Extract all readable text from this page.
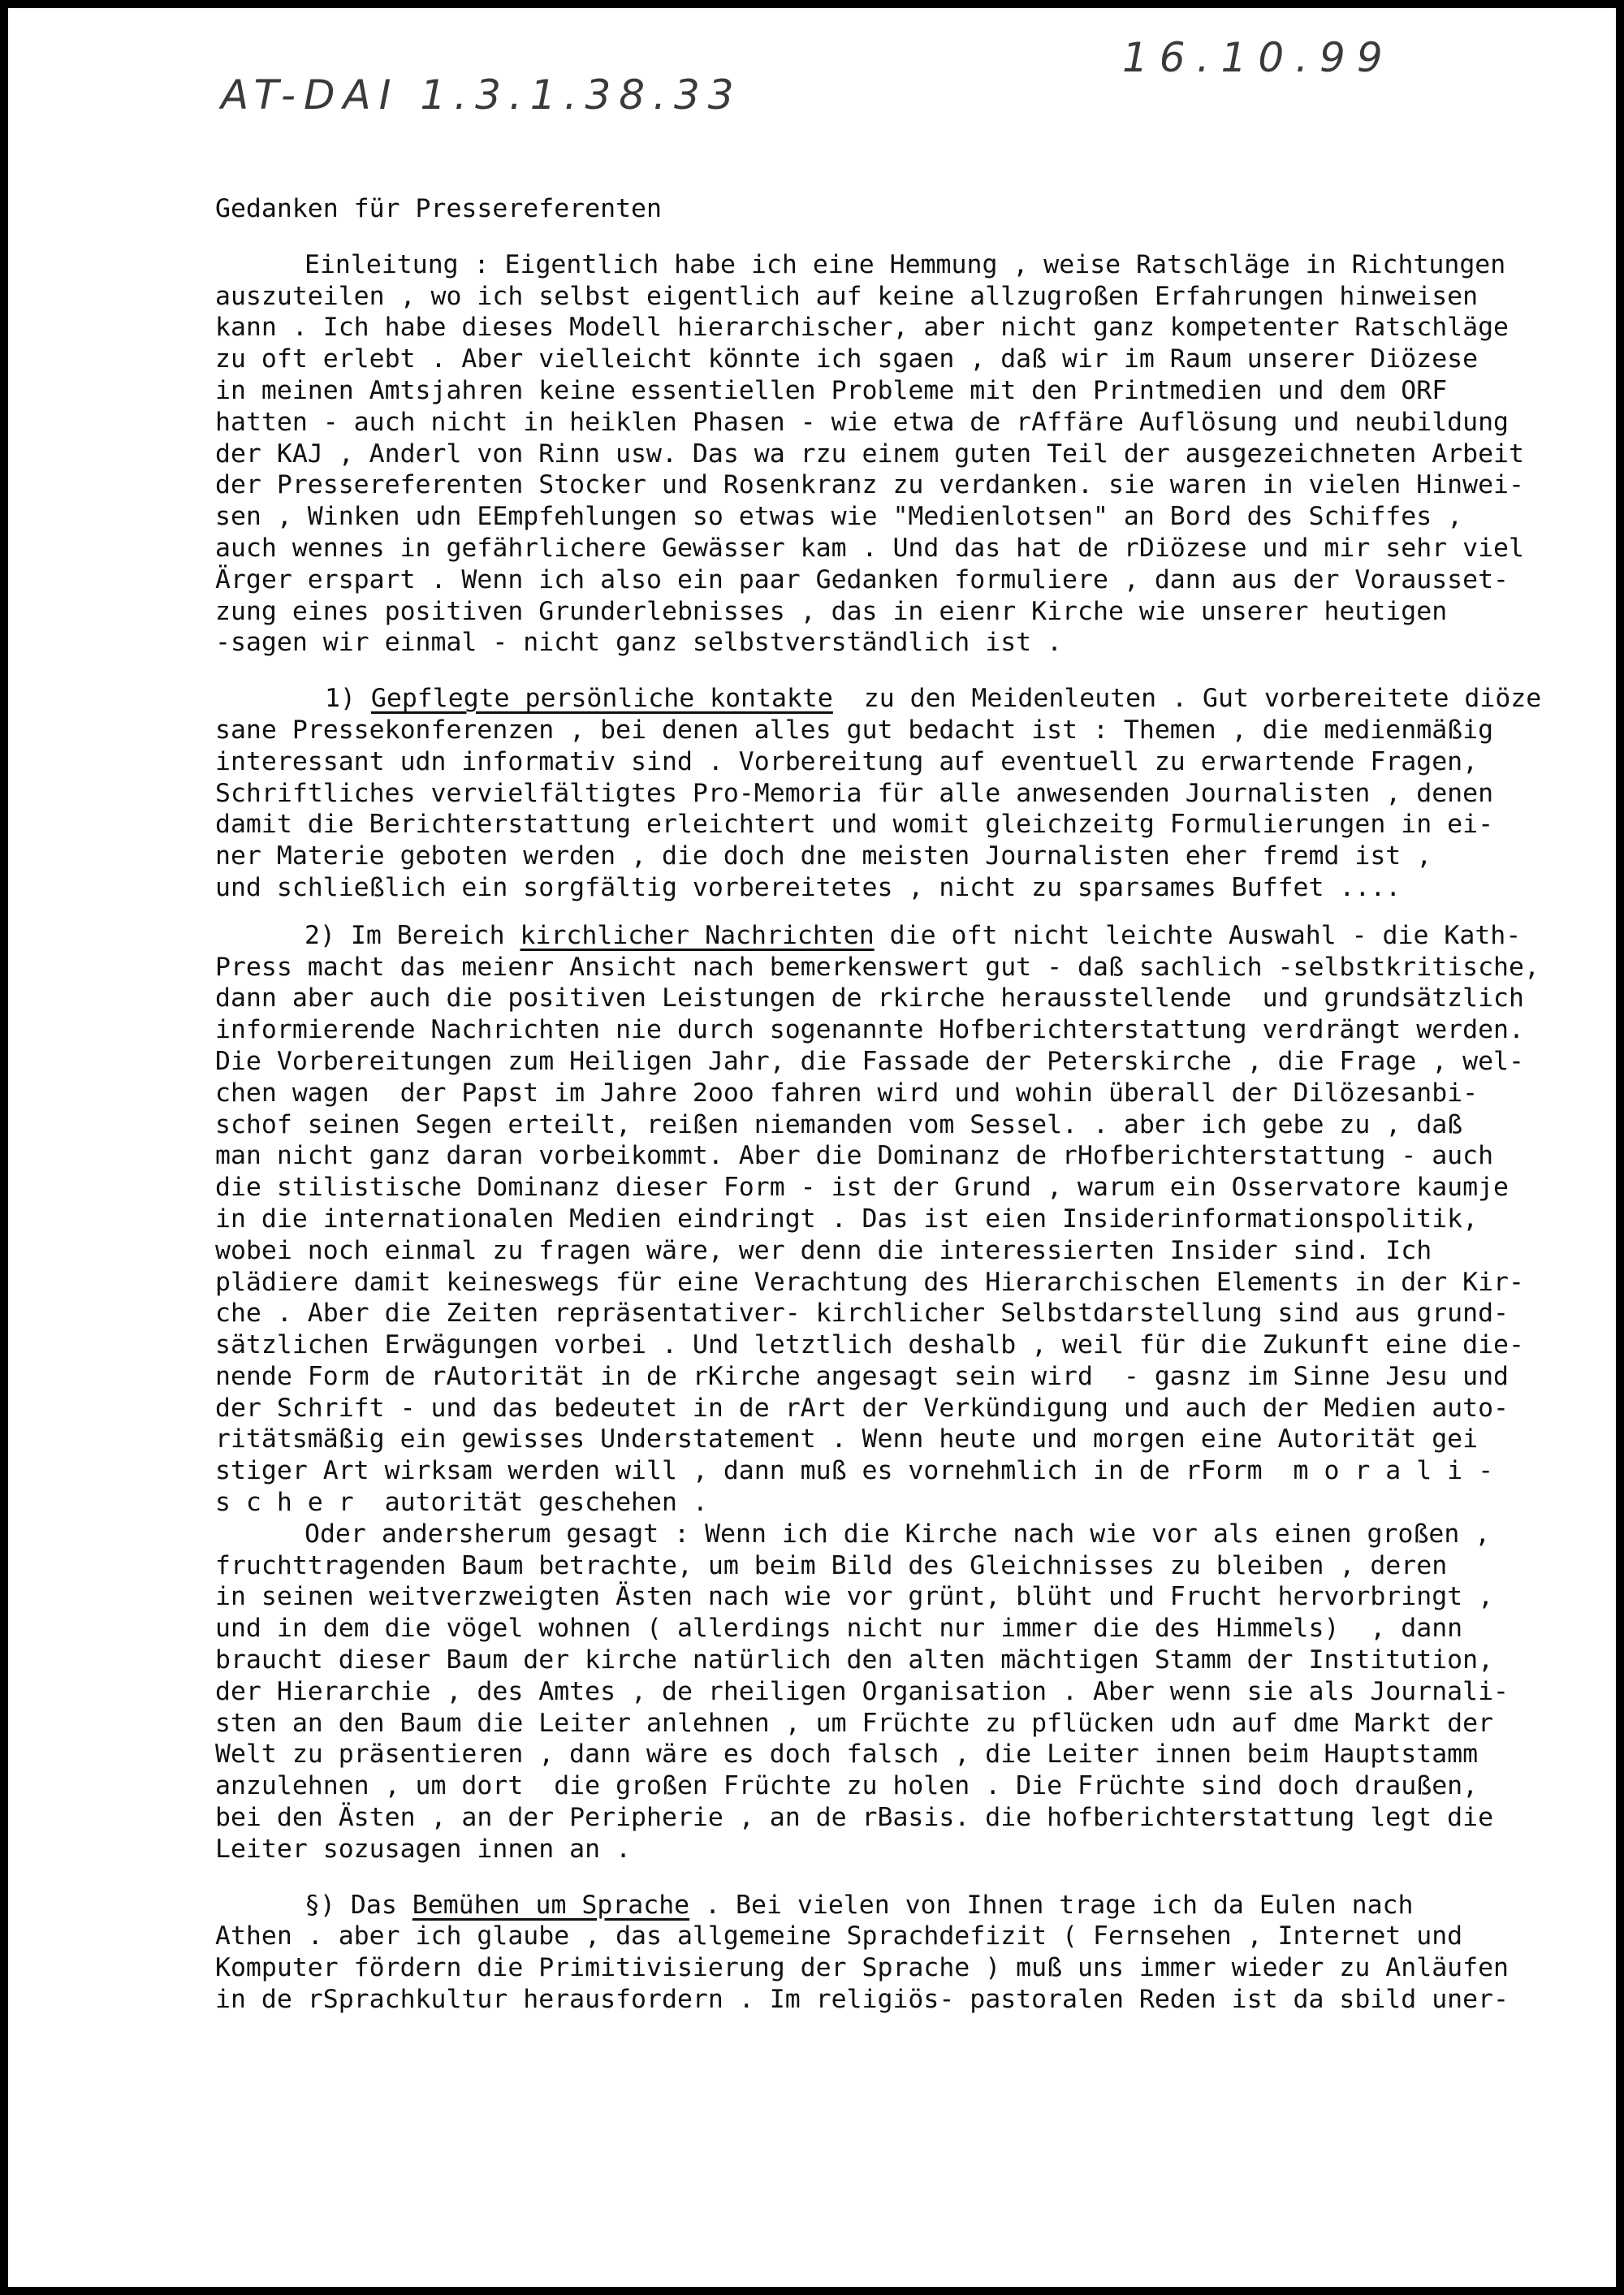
AT-DAI 1.3.1.38.33
16.10.99
Gedanken für Pressereferenten
Einleitung : Eigentlich habe ich eine Hemmung , weise Ratschläge in Richtungen
auszuteilen , wo ich selbst eigentlich auf keine allzugroßen Erfahrungen hinweisen
kann . Ich habe dieses Modell hierarchischer, aber nicht ganz kompetenter Ratschläge
zu oft erlebt . Aber vielleicht könnte ich sgaen , daß wir im Raum unserer Diözese
in meinen Amtsjahren keine essentiellen Probleme mit den Printmedien und dem ORF
hatten - auch nicht in heiklen Phasen - wie etwa de rAffäre Auflösung und neubildung
der KAJ , Anderl von Rinn usw. Das wa rzu einem guten Teil der ausgezeichneten Arbeit
der Pressereferenten Stocker und Rosenkranz zu verdanken. sie waren in vielen Hinwei-
sen , Winken udn EEmpfehlungen so etwas wie "Medienlotsen" an Bord des Schiffes ,
auch wennes in gefährlichere Gewässer kam . Und das hat de rDiözese und mir sehr viel
Ärger erspart . Wenn ich also ein paar Gedanken formuliere , dann aus der Vorausset-
zung eines positiven Grunderlebnisses , das in eienr Kirche wie unserer heutigen
-sagen wir einmal - nicht ganz selbstverständlich ist .
1) Gepflegte persönliche kontakte  zu den Meidenleuten . Gut vorbereitete diöze
sane Pressekonferenzen , bei denen alles gut bedacht ist : Themen , die medienmäßig
interessant udn informativ sind . Vorbereitung auf eventuell zu erwartende Fragen,
Schriftliches vervielfältigtes Pro-Memoria für alle anwesenden Journalisten , denen
damit die Berichterstattung erleichtert und womit gleichzeitg Formulierungen in ei-
ner Materie geboten werden , die doch dne meisten Journalisten eher fremd ist ,
und schließlich ein sorgfältig vorbereitetes , nicht zu sparsames Buffet ....
2) Im Bereich kirchlicher Nachrichten die oft nicht leichte Auswahl - die Kath-
Press macht das meienr Ansicht nach bemerkenswert gut - daß sachlich -selbstkritische,
dann aber auch die positiven Leistungen de rkirche herausstellende  und grundsätzlich
informierende Nachrichten nie durch sogenannte Hofberichterstattung verdrängt werden.
Die Vorbereitungen zum Heiligen Jahr, die Fassade der Peterskirche , die Frage , wel-
chen wagen  der Papst im Jahre 2ooo fahren wird und wohin überall der Dilözesanbi-
schof seinen Segen erteilt, reißen niemanden vom Sessel. . aber ich gebe zu , daß
man nicht ganz daran vorbeikommt. Aber die Dominanz de rHofberichterstattung - auch
die stilistische Dominanz dieser Form - ist der Grund , warum ein Osservatore kaumje
in die internationalen Medien eindringt . Das ist eien Insiderinformationspolitik,
wobei noch einmal zu fragen wäre, wer denn die interessierten Insider sind. Ich
plädiere damit keineswegs für eine Verachtung des Hierarchischen Elements in der Kir-
che . Aber die Zeiten repräsentativer- kirchlicher Selbstdarstellung sind aus grund-
sätzlichen Erwägungen vorbei . Und letztlich deshalb , weil für die Zukunft eine die-
nende Form de rAutorität in de rKirche angesagt sein wird  - gasnz im Sinne Jesu und
der Schrift - und das bedeutet in de rArt der Verkündigung und auch der Medien auto-
ritätsmäßig ein gewisses Understatement . Wenn heute und morgen eine Autorität gei
stiger Art wirksam werden will , dann muß es vornehmlich in de rForm  m o r a l i -
s c h e r  autorität geschehen .
Oder andersherum gesagt : Wenn ich die Kirche nach wie vor als einen großen ,
fruchttragenden Baum betrachte, um beim Bild des Gleichnisses zu bleiben , deren
in seinen weitverzweigten Ästen nach wie vor grünt, blüht und Frucht hervorbringt ,
und in dem die vögel wohnen ( allerdings nicht nur immer die des Himmels)  , dann
braucht dieser Baum der kirche natürlich den alten mächtigen Stamm der Institution,
der Hierarchie , des Amtes , de rheiligen Organisation . Aber wenn sie als Journali-
sten an den Baum die Leiter anlehnen , um Früchte zu pflücken udn auf dme Markt der
Welt zu präsentieren , dann wäre es doch falsch , die Leiter innen beim Hauptstamm
anzulehnen , um dort  die großen Früchte zu holen . Die Früchte sind doch draußen,
bei den Ästen , an der Peripherie , an de rBasis. die hofberichterstattung legt die
Leiter sozusagen innen an .
§) Das Bemühen um Sprache . Bei vielen von Ihnen trage ich da Eulen nach
Athen . aber ich glaube , das allgemeine Sprachdefizit ( Fernsehen , Internet und
Komputer fördern die Primitivisierung der Sprache ) muß uns immer wieder zu Anläufen
in de rSprachkultur herausfordern . Im religiös- pastoralen Reden ist da sbild uner-
